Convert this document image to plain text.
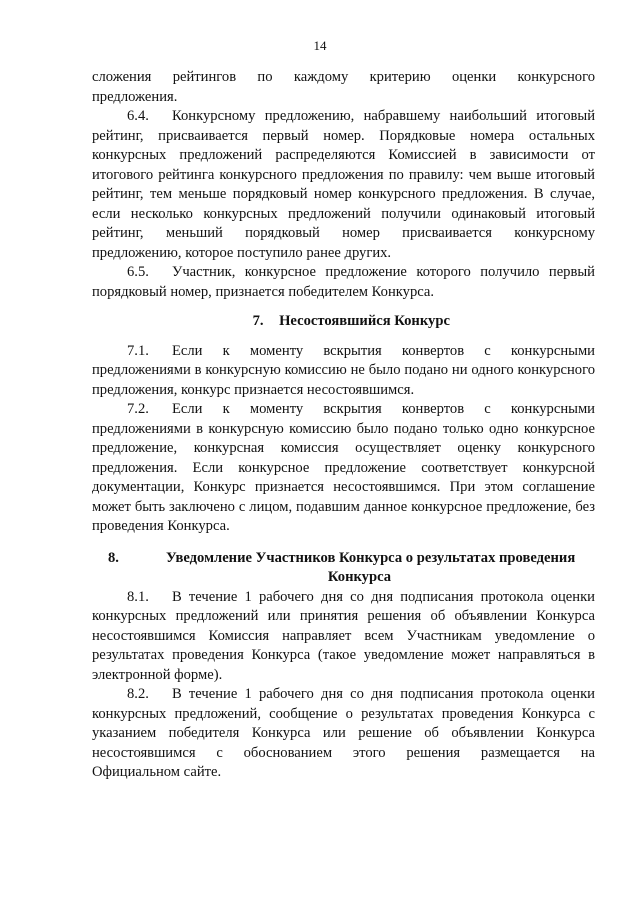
14

сложения рейтингов по каждому критерию оценки конкурсного

предложения.

6.4. Конкурсному предложению, набравшему наибольший итоговый рейтинг, присваивается первый номер. Порядковые номера остальных конкурсных предложений распределяются Комиссией в зависимости от итогового рейтинга конкурсного предложения по правилу: чем выше итоговый рейтинг, тем меньше порядковый номер конкурсного предложения. В случае, если несколько конкурсных предложений получили одинаковый итоговый рейтинг, меньший порядковый номер присваивается конкурсному предложению, которое поступило ранее других.

6.5. Участник, конкурсное предложение которого получило первый порядковый номер, признается победителем Конкурса.

7. Несостоявшийся Конкурс

7.1. Если к моменту вскрытия конвертов с конкурсными предложениями в конкурсную комиссию не было подано ни одного конкурсного предложения, конкурс признается несостоявшимся.

7.2. Если к моменту вскрытия конвертов с конкурсными предложениями в конкурсную комиссию было подано только одно конкурсное предложение, конкурсная комиссия осуществляет оценку конкурсного предложения. Если конкурсное предложение соответствует конкурсной документации, Конкурс признается несостоявшимся. При этом соглашение может быть заключено с лицом, подавшим данное конкурсное предложение, без проведения Конкурса.

8.	Уведомление Участников Конкурса о результатах проведения

Конкурса

8.1. В течение 1 рабочего дня со дня подписания протокола оценки конкурсных предложений или принятия решения об объявлении Конкурса несостоявшимся Комиссия направляет всем Участникам уведомление о результатах проведения Конкурса (такое уведомление может направляться в электронной форме).

8.2. В течение 1 рабочего дня со дня подписания протокола оценки конкурсных предложений, сообщение о результатах проведения Конкурса с указанием победителя Конкурса или решение об объявлении Конкурса несостоявшимся с обоснованием этого решения размещается на

Официальном сайте.
